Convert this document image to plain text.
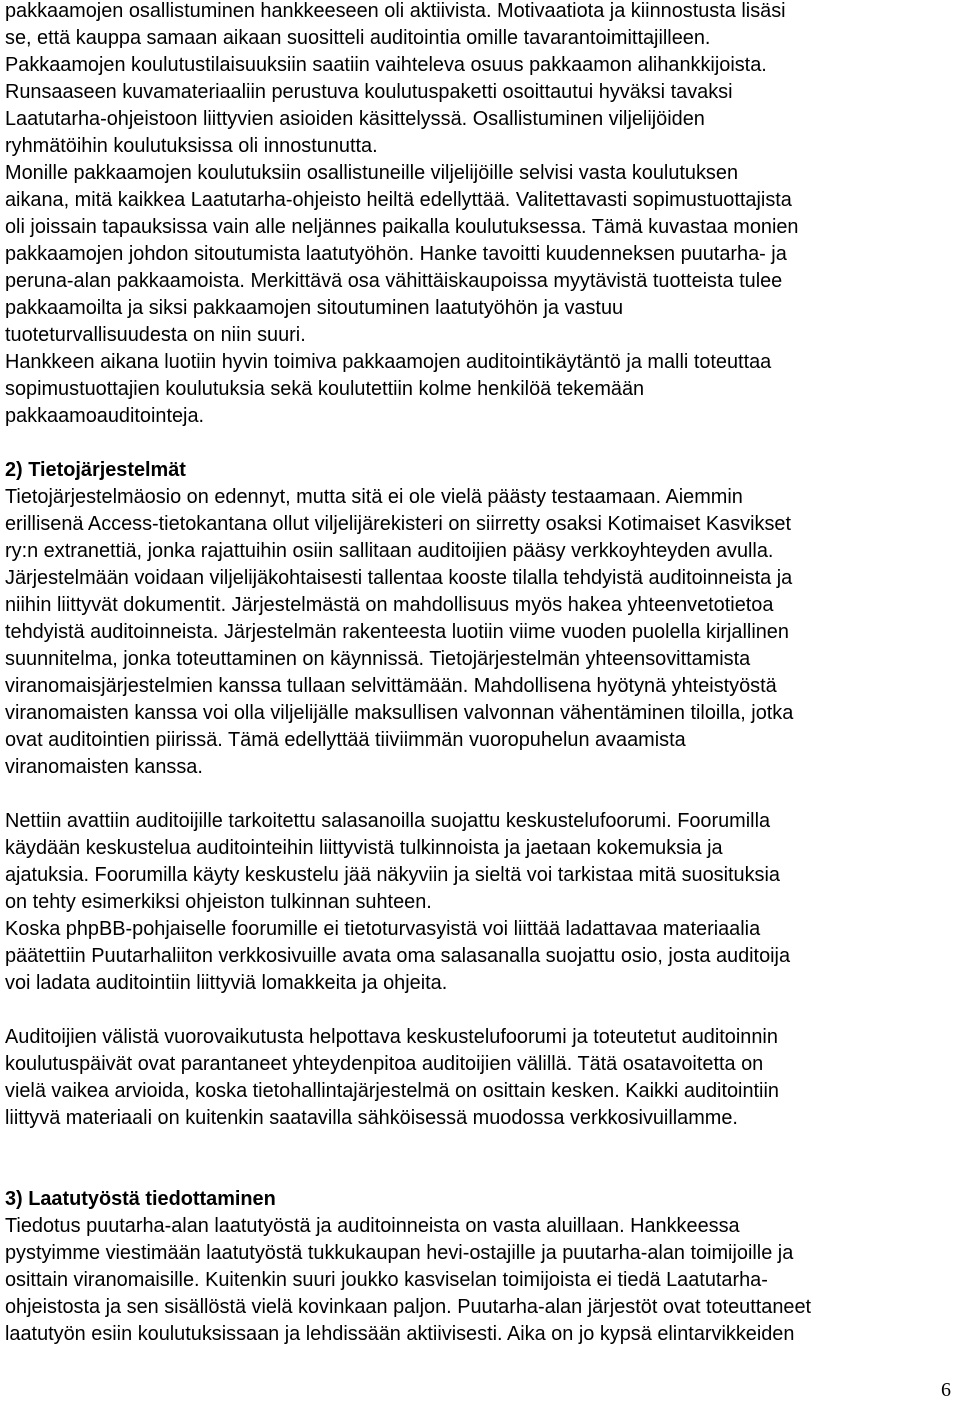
pakkaamojen osallistuminen hankkeeseen oli aktiivista. Motivaatiota ja kiinnostusta lisäsi
se, että kauppa samaan aikaan suositteli auditointia omille tavarantoimittajilleen.
Pakkaamojen koulutustilaisuuksiin saatiin vaihteleva osuus pakkaamon alihankkijoista.
Runsaaseen kuvamateriaaliin perustuva koulutuspaketti osoittautui hyväksi tavaksi
Laatutarha-ohjeistoon liittyvien asioiden käsittelyssä. Osallistuminen viljelijöiden
ryhmätöihin koulutuksissa oli innostunutta.
Monille pakkaamojen koulutuksiin osallistuneille viljelijöille selvisi vasta koulutuksen
aikana, mitä kaikkea Laatutarha-ohjeisto heiltä edellyttää. Valitettavasti sopimustuottajista
oli joissain tapauksissa vain alle neljännes paikalla koulutuksessa. Tämä kuvastaa monien
pakkaamojen johdon sitoutumista laatutyöhön. Hanke tavoitti kuudenneksen puutarha- ja
peruna-alan pakkaamoista. Merkittävä osa vähittäiskaupoissa myytävistä tuotteista tulee
pakkaamoilta ja siksi pakkaamojen sitoutuminen laatutyöhön ja vastuu
tuoteturvallisuudesta on niin suuri.
Hankkeen aikana luotiin hyvin toimiva pakkaamojen auditointikäytäntö ja malli toteuttaa
sopimustuottajien koulutuksia sekä koulutettiin kolme henkilöä tekemään
pakkaamoauditointeja.
2) Tietojärjestelmät
Tietojärjestelmäosio on edennyt, mutta sitä ei ole vielä päästy testaamaan. Aiemmin
erillisenä Access-tietokantana ollut viljelijärekisteri on siirretty osaksi Kotimaiset Kasvikset
ry:n extranettiä, jonka rajattuihin osiin sallitaan auditoijien pääsy verkkoyhteyden avulla.
Järjestelmään voidaan viljelijäkohtaisesti tallentaa kooste tilalla tehdyistä auditoinneista ja
niihin liittyvät dokumentit. Järjestelmästä on mahdollisuus myös hakea yhteenvetotietoa
tehdyistä auditoinneista. Järjestelmän rakenteesta luotiin viime vuoden puolella kirjallinen
suunnitelma, jonka toteuttaminen on käynnissä. Tietojärjestelmän yhteensovittamista
viranomaisjärjestelmien kanssa tullaan selvittämään. Mahdollisena hyötynä yhteistyöstä
viranomaisten kanssa voi olla viljelijälle maksullisen valvonnan vähentäminen tiloilla, jotka
ovat auditointien piirissä. Tämä edellyttää tiiviimmän vuoropuhelun avaamista
viranomaisten kanssa.
Nettiin avattiin auditoijille tarkoitettu salasanoilla suojattu keskustelufoorumi. Foorumilla
käydään keskustelua auditointeihin liittyvistä tulkinnoista ja jaetaan kokemuksia ja
ajatuksia. Foorumilla käyty keskustelu jää näkyviin ja sieltä voi tarkistaa mitä suosituksia
on tehty esimerkiksi ohjeiston tulkinnan suhteen.
Koska phpBB-pohjaiselle foorumille ei tietoturvasyistä voi liittää ladattavaa materiaalia
päätettiin Puutarhaliiton verkkosivuille avata oma salasanalla suojattu osio, josta auditoija
voi ladata auditointiin liittyviä lomakkeita ja ohjeita.
Auditoijien välistä vuorovaikutusta helpottava keskustelufoorumi ja toteutetut auditoinnin
koulutuspäivät ovat parantaneet yhteydenpitoa auditoijien välillä. Tätä osatavoitetta on
vielä vaikea arvioida, koska tietohallintajärjestelmä on osittain kesken. Kaikki auditointiin
liittyvä materiaali on kuitenkin saatavilla sähköisessä muodossa verkkosivuillamme.
3) Laatutyöstä tiedottaminen
Tiedotus puutarha-alan laatutyöstä ja auditoinneista on vasta aluillaan. Hankkeessa
pystyimme viestimään laatutyöstä tukkukaupan hevi-ostajille ja puutarha-alan toimijoille ja
osittain viranomaisille. Kuitenkin suuri joukko kasviselan toimijoista ei tiedä Laatutarha-
ohjeistosta ja sen sisällöstä vielä kovinkaan paljon. Puutarha-alan järjestöt ovat toteuttaneet
laatutyön esiin koulutuksissaan ja lehdissään aktiivisesti. Aika on jo kypsä elintarvikkeiden
6
